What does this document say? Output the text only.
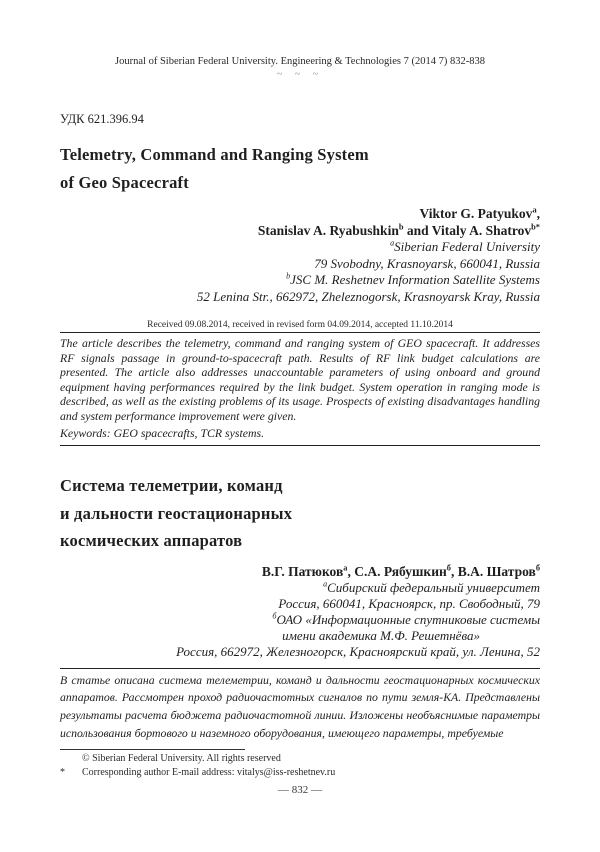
Journal of Siberian Federal University. Engineering & Technologies 7 (2014 7) 832-838
~ ~ ~
УДК 621.396.94
Telemetry, Command and Ranging System
of Geo Spacecraft
Viktor G. Patyukov$^a$,
Stanislav A. Ryabushkin$^b$ and Vitaly A. Shatrov$^{b*}$
$^a$Siberian Federal University
79 Svobodny, Krasnoyarsk, 660041, Russia
$^b$JSC M. Reshetnev Information Satellite Systems
52 Lenina Str., 662972, Zheleznogorsk, Krasnoyarsk Kray, Russia
Received 09.08.2014, received in revised form 04.09.2014, accepted 11.10.2014
The article describes the telemetry, command and ranging system of GEO spacecraft. It addresses RF signals passage in ground-to-spacecraft path. Results of RF link budget calculations are presented. The article also addresses unaccountable parameters of using onboard and ground equipment having performances required by the link budget. System operation in ranging mode is described, as well as the existing problems of its usage. Prospects of existing disadvantages handling and system performance improvement were given.
Keywords: GEO spacecrafts, TCR systems.
Система телеметрии, команд
и дальности геостационарных
космических аппаратов
В.Г. Патюков$^а$, С.А. Рябушкин$^б$, В.А. Шатров$^б$
$^а$Сибирский федеральный университет
Россия, 660041, Красноярск, пр. Свободный, 79
$^б$ОАО «Информационные спутниковые системы
имени академика М.Ф. Решетнёва»
Россия, 662972, Железногорск, Красноярский край, ул. Ленина, 52
В статье описана система телеметрии, команд и дальности геостационарных космических аппаратов. Рассмотрен проход радиочастотных сигналов по пути земля-КА. Представлены результаты расчета бюджета радиочастотной линии. Изложены необъяснимые параметры использования бортового и наземного оборудования, имеющего параметры, требуемые
© Siberian Federal University. All rights reserved
*	Corresponding author E-mail address: vitalys@iss-reshetnev.ru
— 832 —
